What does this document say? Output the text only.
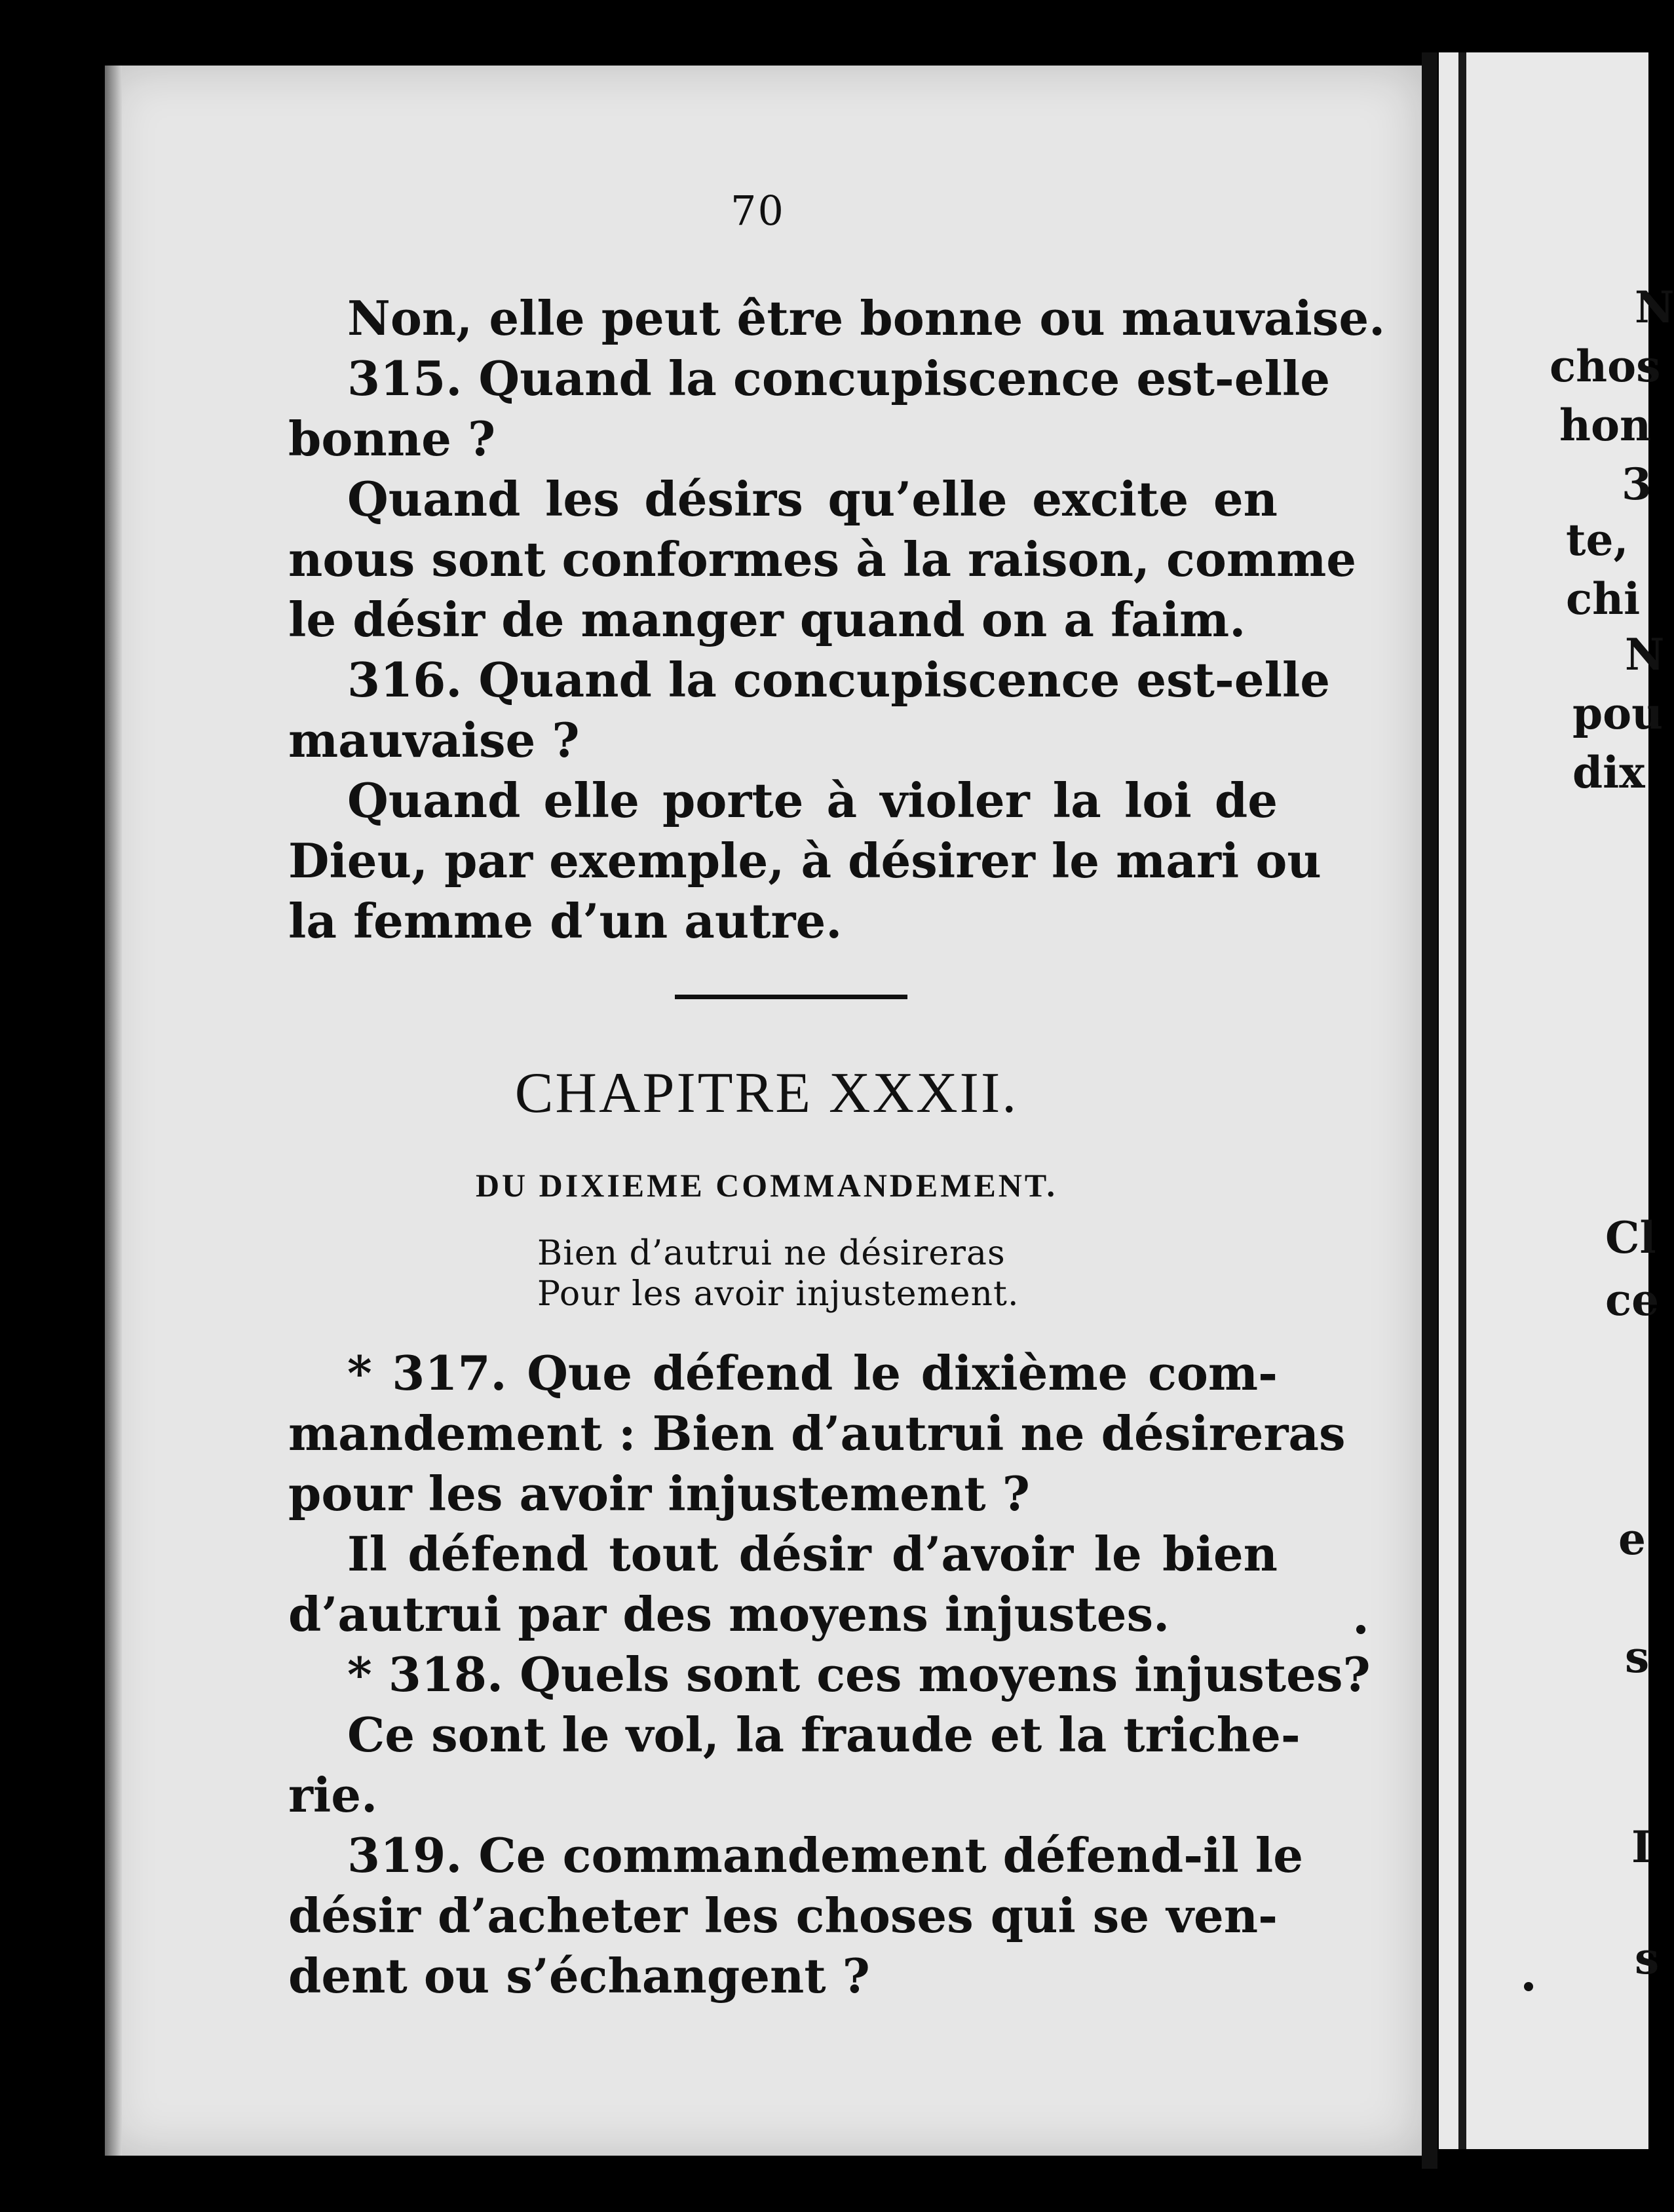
70
Non, elle peut être bonne ou mauvaise.
315. Quand la concupiscence est-elle
bonne ?
Quand les désirs qu’elle excite en
nous sont conformes à la raison, comme
le désir de manger quand on a faim.
316. Quand la concupiscence est-elle
mauvaise ?
Quand elle porte à violer la loi de
Dieu, par exemple, à désirer le mari ou
la femme d’un autre.
CHAPITRE XXXII.
DU DIXIEME COMMANDEMENT.
Bien d’autrui ne désireras
Pour les avoir injustement.
* 317. Que défend le dixième com-
mandement : Bien d’autrui ne désireras
pour les avoir injustement ?
Il défend tout désir d’avoir le bien
d’autrui par des moyens injustes.
* 318. Quels sont ces moyens injustes?
Ce sont le vol, la fraude et la triche-
rie.
319. Ce commandement défend-il le
désir d’acheter les choses qui se ven-
dent ou s’échangent ?
N
chos
hon
3
te,
chi
N
pou
dix
Cl
ce
e
s
I
s
